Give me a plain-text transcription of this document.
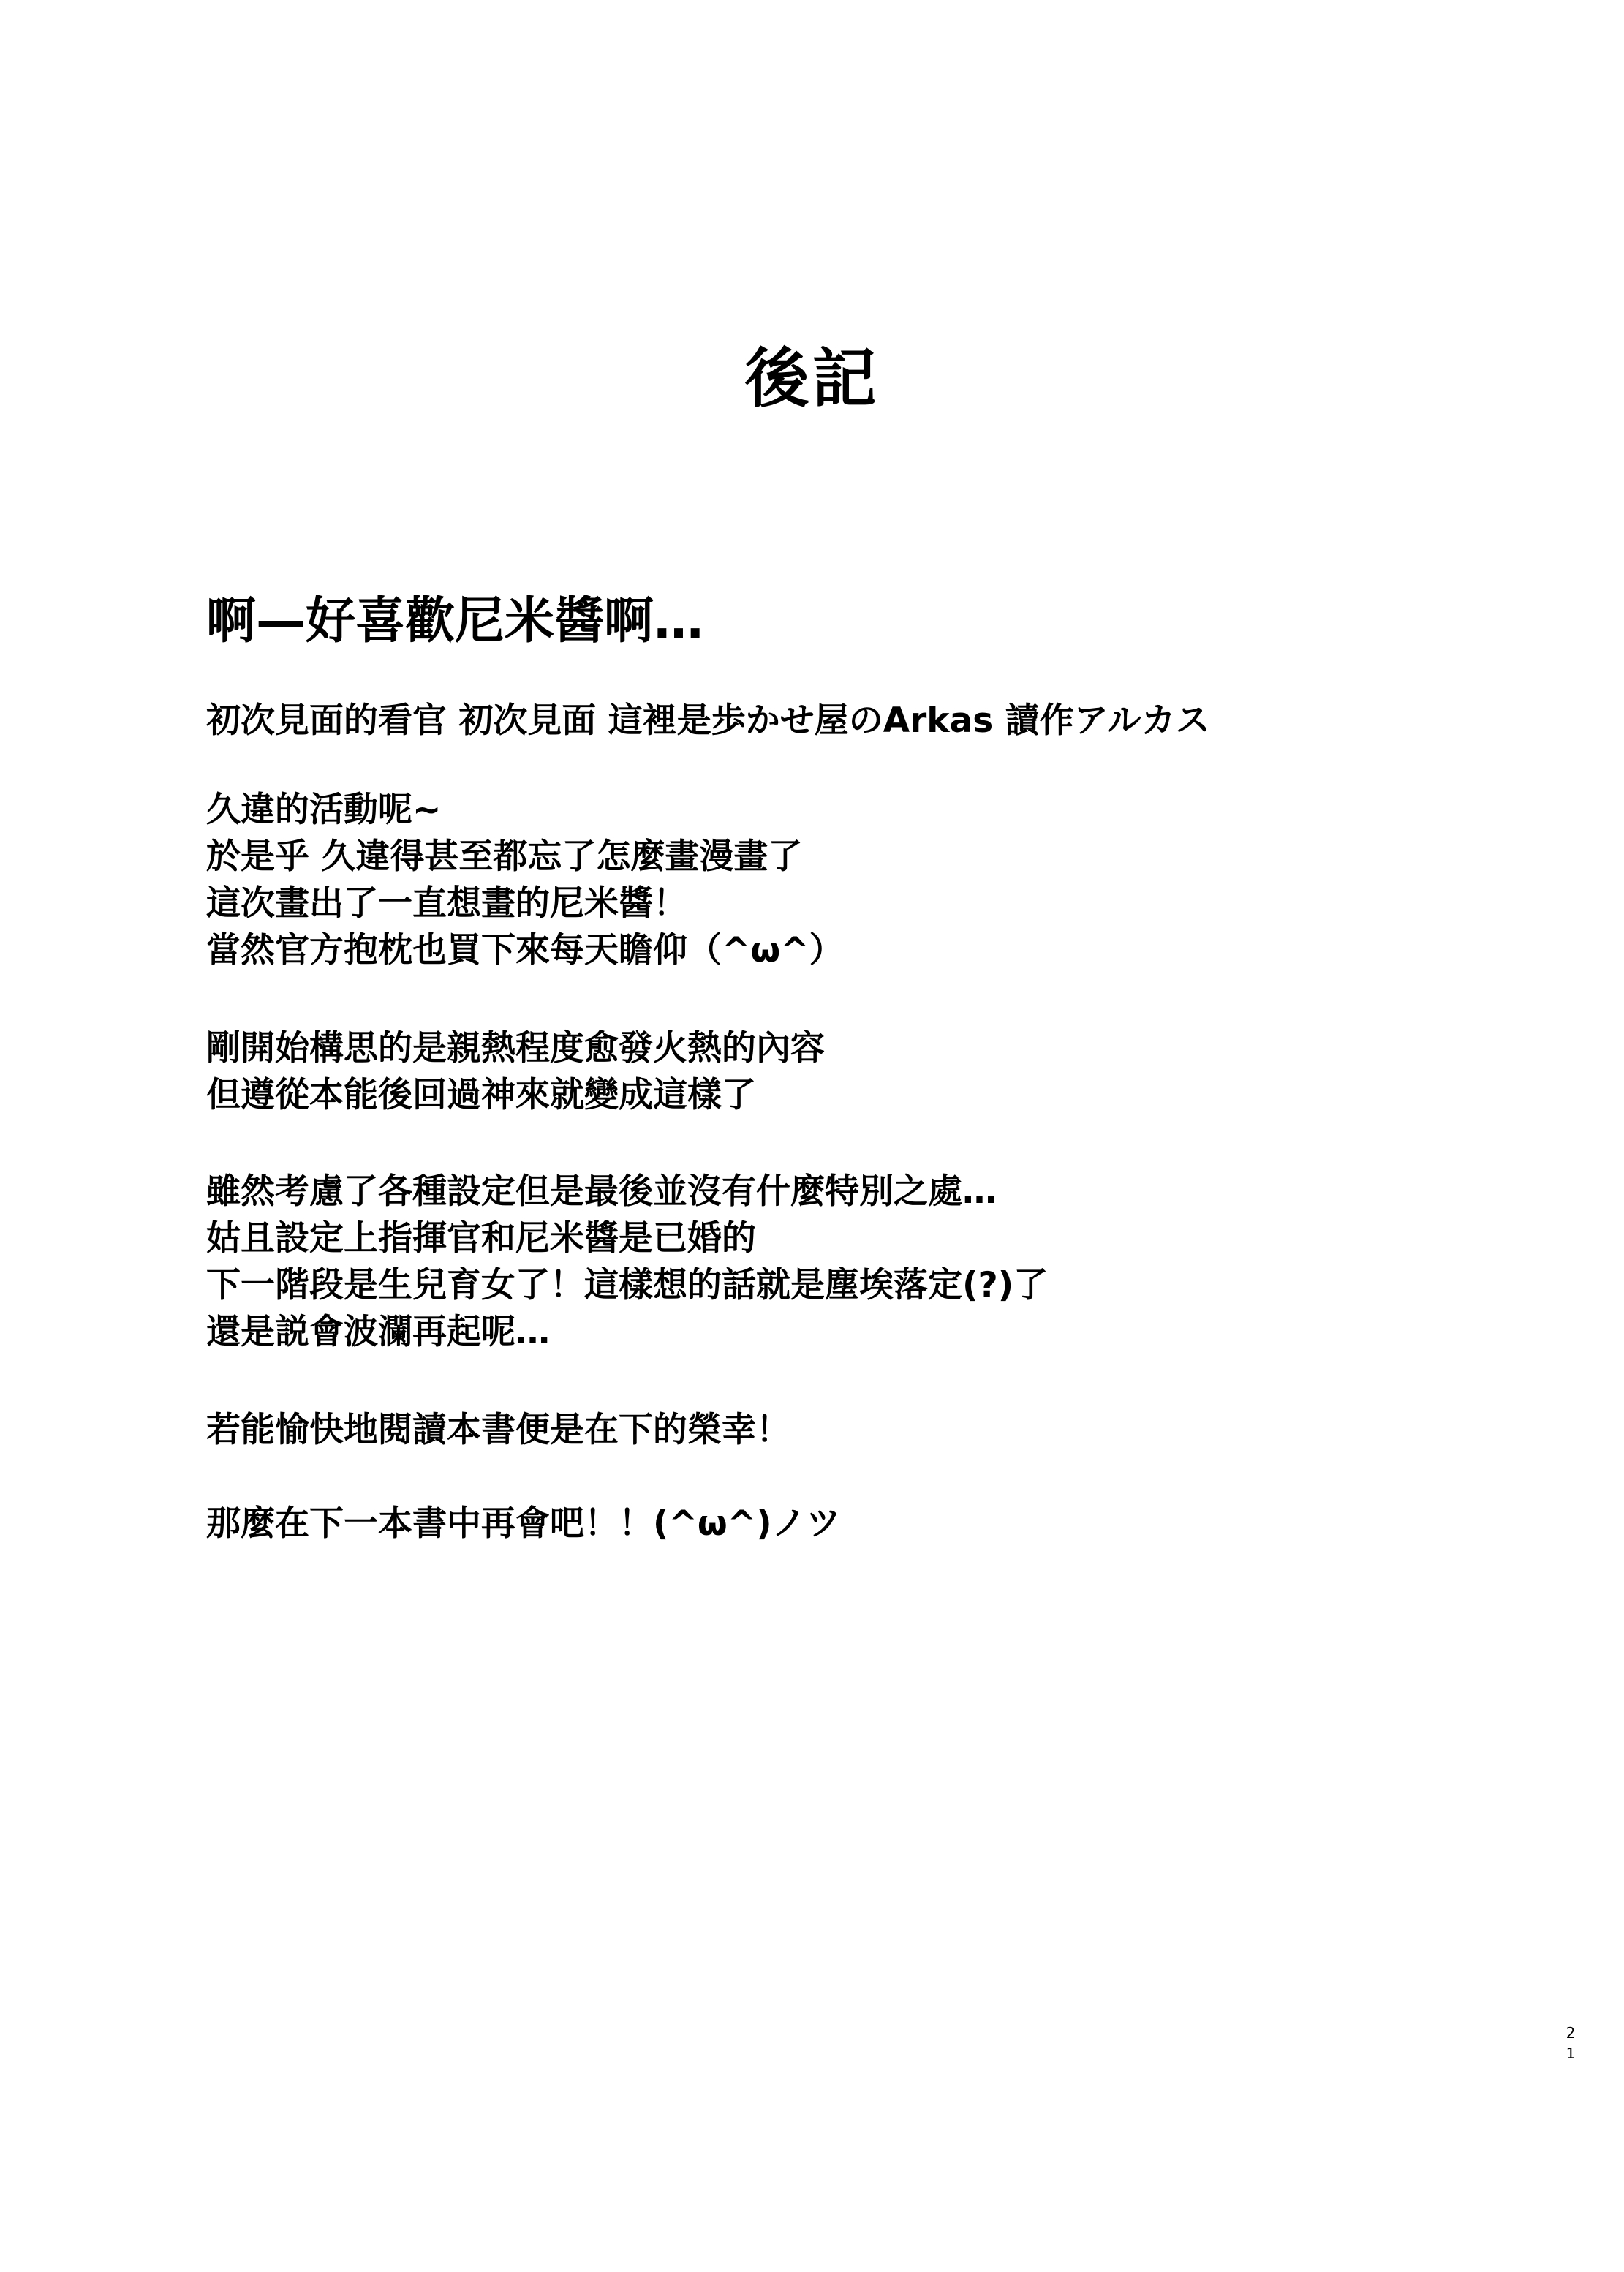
後記
啊—好喜歡尼米醬啊…
初次見面的看官 初次見面 這裡是歩かせ屋のArkas 讀作アルカス
久違的活動呢~
於是乎 久違得甚至都忘了怎麼畫漫畫了
這次畫出了一直想畫的尼米醬！
當然官方抱枕也買下來每天瞻仰（^ω^）
剛開始構思的是親熱程度愈發火熱的內容
但遵從本能後回過神來就變成這樣了
雖然考慮了各種設定但是最後並沒有什麼特別之處…
姑且設定上指揮官和尼米醬是已婚的
下一階段是生兒育女了！這樣想的話就是塵埃落定(?)了
還是説會波瀾再起呢…
若能愉快地閱讀本書便是在下的榮幸！
那麼在下一本書中再會吧！！(^ω^)ノツ
2
1
